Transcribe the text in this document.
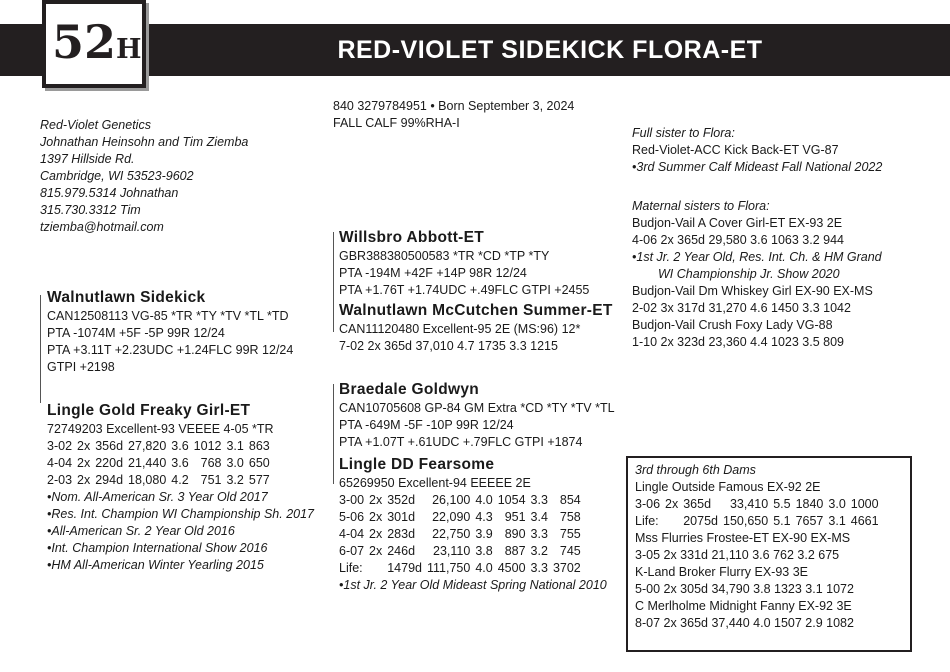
RED-VIOLET SIDEKICK FLORA-ET
52H
Red-Violet Genetics
Johnathan Heinsohn and Tim Ziemba
1397 Hillside Rd.
Cambridge, WI 53523-9602
815.979.5314 Johnathan
315.730.3312 Tim
tziemba@hotmail.com
840 3279784951 • Born September 3, 2024
FALL CALF 99%RHA-I
Walnutlawn Sidekick
CAN12508113 VG-85 *TR *TY *TV *TL *TD
PTA -1074M +5F -5P 99R 12/24
PTA +3.11T +2.23UDC +1.24FLC 99R 12/24
GTPI +2198
Willsbro Abbott-ET
GBR388380500583 *TR *CD *TP *TY
PTA -194M +42F +14P 98R 12/24
PTA +1.76T +1.74UDC +.49FLC GTPI +2455
Walnutlawn McCutchen Summer-ET
CAN11120480 Excellent-95 2E (MS:96) 12*
7-02 2x 365d 37,010 4.7 1735 3.3 1215
Lingle Gold Freaky Girl-ET
72749203 Excellent-93 VEEEE 4-05 *TR
3-02	2x	356d	27,820	3.6	1012	3.1	863
4-04	2x	220d	21,440	3.6	768	3.0	650
2-03	2x	294d	18,080	4.2	751	3.2	577
•Nom. All-American Sr. 3 Year Old 2017
•Res. Int. Champion WI Championship Sh. 2017
•All-American Sr. 2 Year Old 2016
•Int. Champion International Show 2016
•HM All-American Winter Yearling 2015
Braedale Goldwyn
CAN10705608 GP-84 GM Extra *CD *TY *TV *TL
PTA -649M -5F -10P 99R 12/24
PTA +1.07T +.61UDC +.79FLC GTPI +1874
Lingle DD Fearsome
65269950 Excellent-94 EEEEE 2E
3-00	2x	352d	26,100	4.0	1054	3.3	854
5-06	2x	301d	22,090	4.3	951	3.4	758
4-04	2x	283d	22,750	3.9	890	3.3	755
6-07	2x	246d	23,110	3.8	887	3.2	745
Life:		1479d	111,750	4.0	4500	3.3	3702
•1st Jr. 2 Year Old Mideast Spring National 2010
Full sister to Flora:
Red-Violet-ACC Kick Back-ET VG-87
•3rd Summer Calf Mideast Fall National 2022
Maternal sisters to Flora:
Budjon-Vail A Cover Girl-ET EX-93 2E
4-06 2x 365d 29,580 3.6 1063 3.2 944
•1st Jr. 2 Year Old, Res. Int. Ch. & HM Grand
WI Championship Jr. Show 2020
Budjon-Vail Dm Whiskey Girl EX-90 EX-MS
2-02 3x 317d 31,270 4.6 1450 3.3 1042
Budjon-Vail Crush Foxy Lady VG-88
1-10 2x 323d 23,360 4.4 1023 3.5 809
3rd through 6th Dams
Lingle Outside Famous EX-92 2E
3-06	2x	365d	33,410	5.5	1840	3.0	1000
Life:		2075d	150,650	5.1	7657	3.1	4661
Mss Flurries Frostee-ET EX-90 EX-MS
3-05 2x 331d 21,110 3.6 762 3.2 675
K-Land Broker Flurry EX-93 3E
5-00 2x 305d 34,790 3.8 1323 3.1 1072
C Merlholme Midnight Fanny EX-92 3E
8-07 2x 365d 37,440 4.0 1507 2.9 1082
